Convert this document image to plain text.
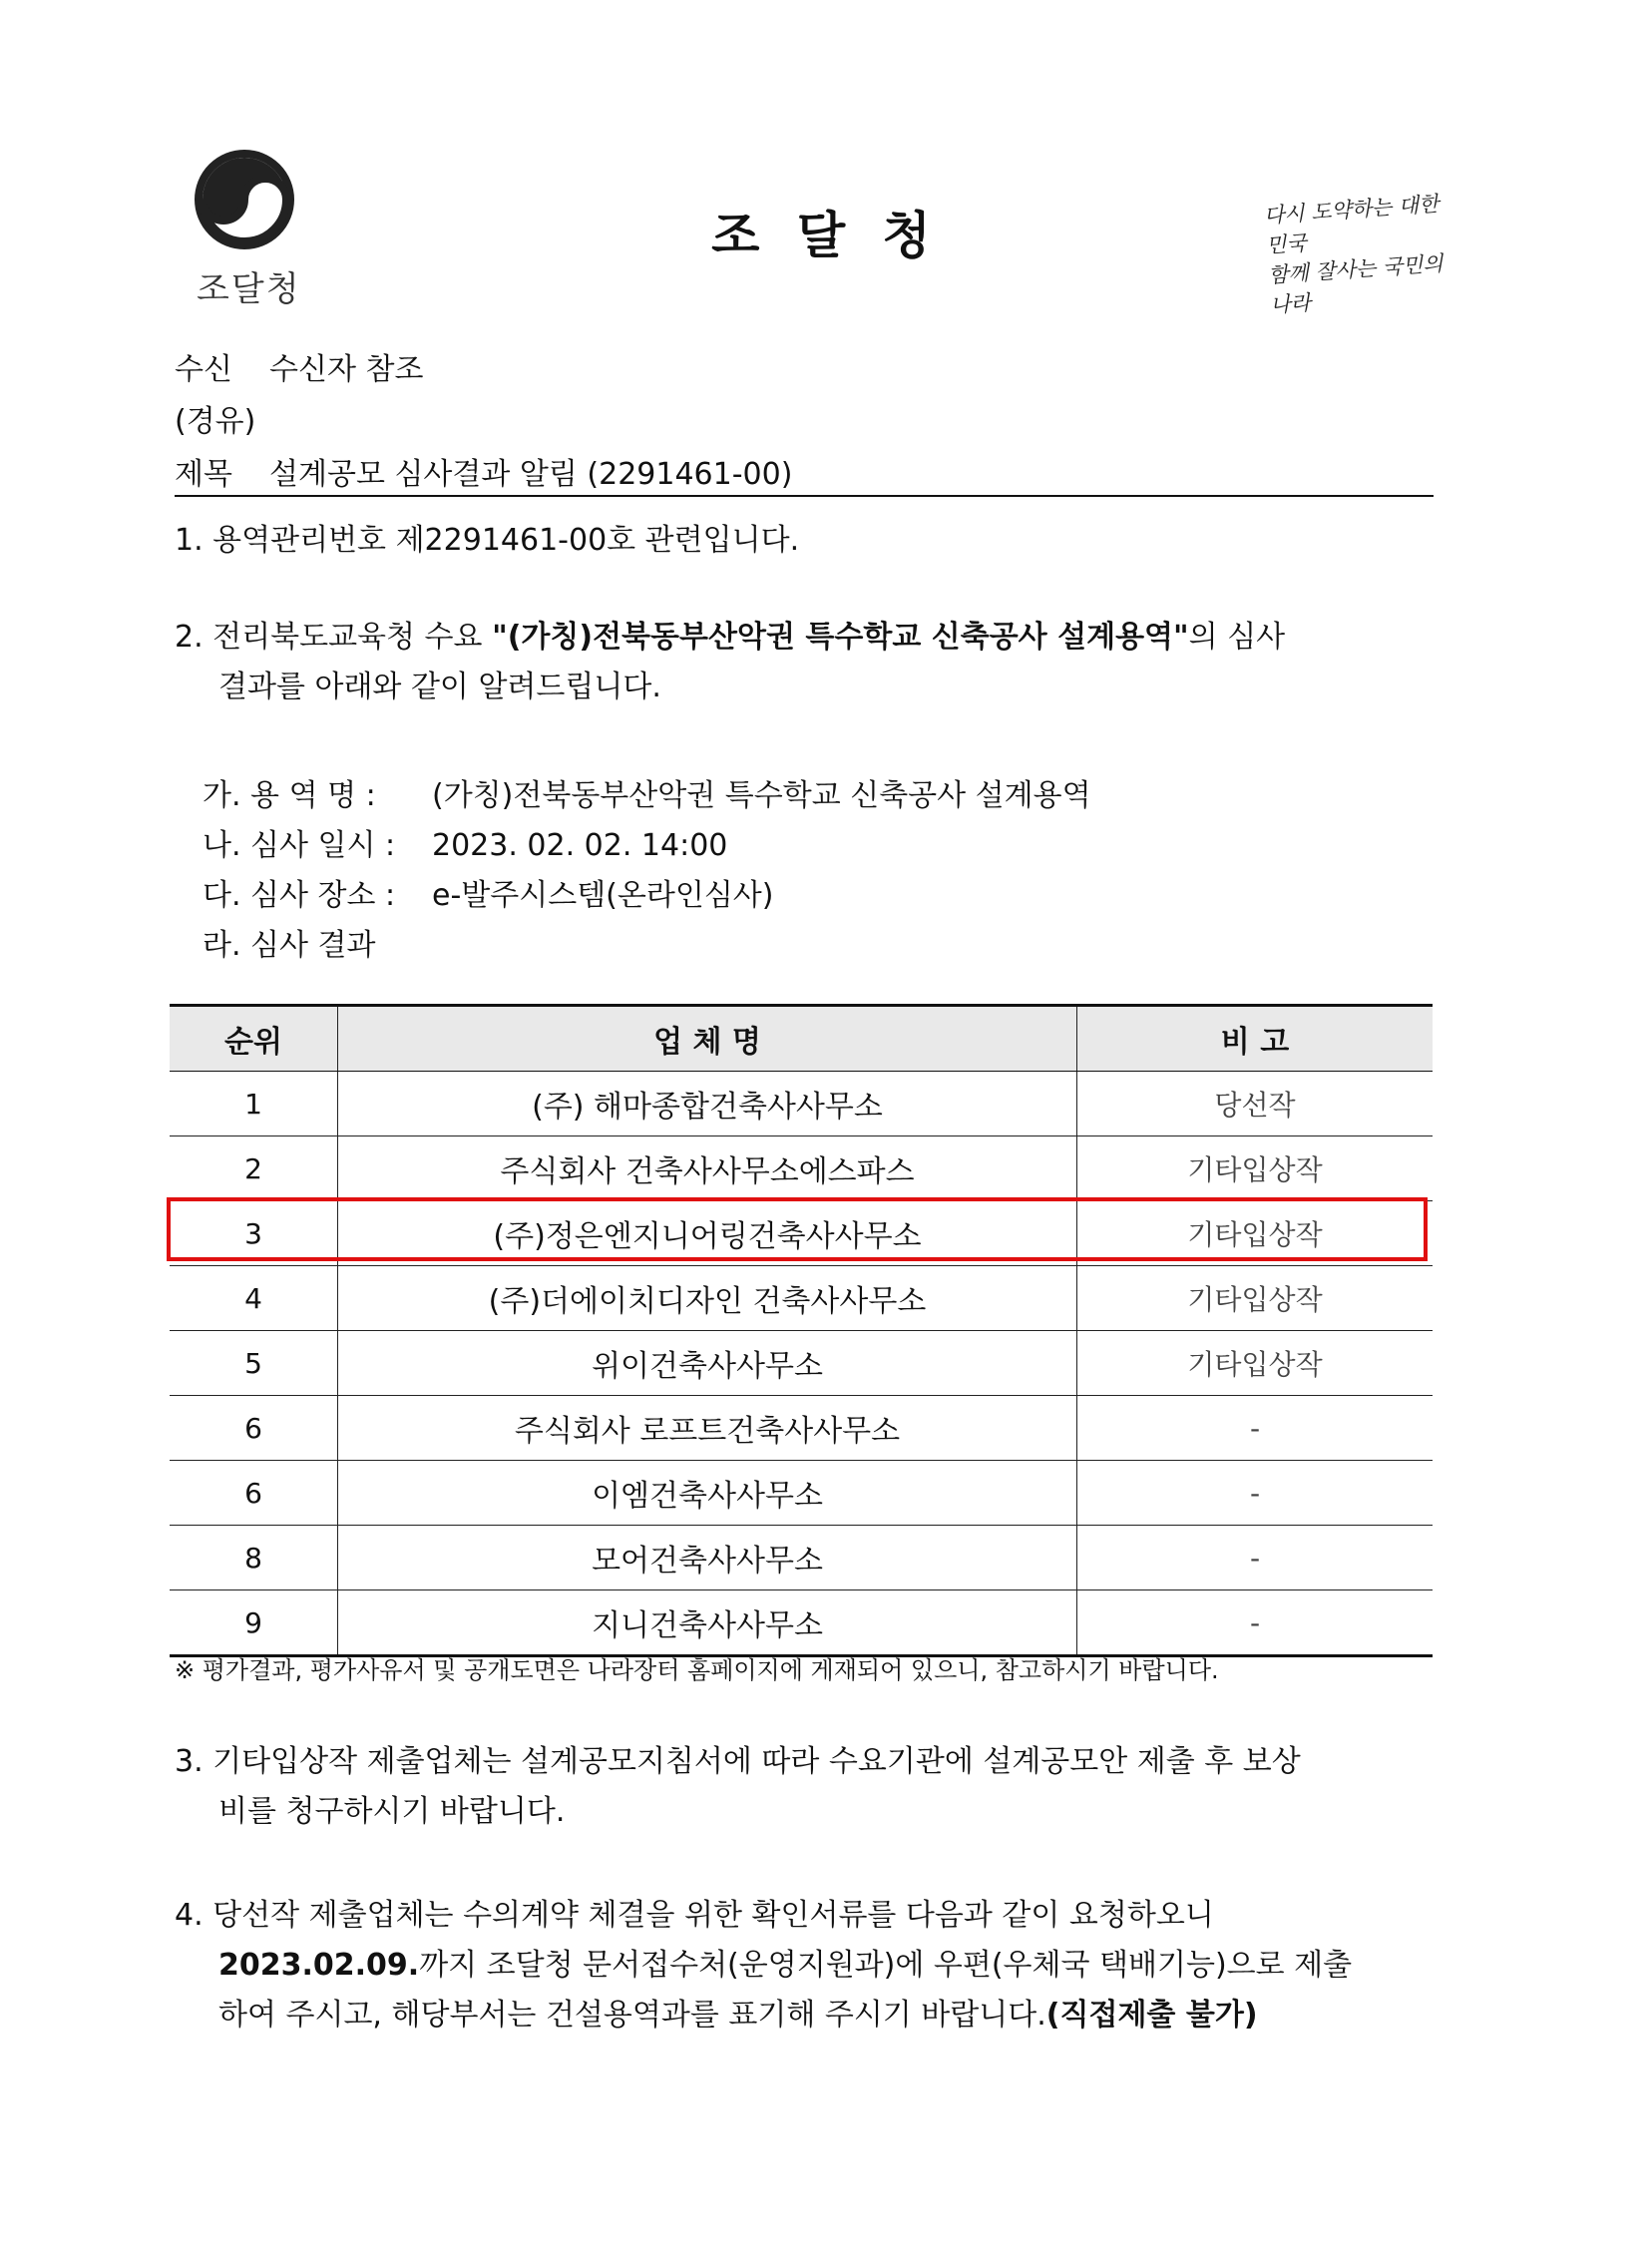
조달청
조 달 청	다시 도약하는 대한민국
함께 잘사는 국민의 나라
수신 수신자 참조
(경유)
제목 설계공모 심사결과 알림 (2291461-00)
1. 용역관리번호 제2291461-00호 관련입니다.
2. 전리북도교육청 수요 "(가칭)전북동부산악권 특수학교 신축공사 설계용역"의 심사
결과를 아래와 같이 알려드립니다.
가. 용 역 명 : (가칭)전북동부산악권 특수학교 신축공사 설계용역
나. 심사 일시 : 2023. 02. 02. 14:00
다. 심사 장소 : e-발주시스템(온라인심사)
라. 심사 결과
순위	업 체 명	비 고
1	(주) 해마종합건축사사무소	당선작
2	주식회사 건축사사무소에스파스	기타입상작
3	(주)정은엔지니어링건축사사무소	기타입상작
4	(주)더에이치디자인 건축사사무소	기타입상작
5	위이건축사사무소	기타입상작
6	주식회사 로프트건축사사무소	-
6	이엠건축사사무소	-
8	모어건축사사무소	-
9	지니건축사사무소	-
※ 평가결과, 평가사유서 및 공개도면은 나라장터 홈페이지에 게재되어 있으니, 참고하시기 바랍니다.
3. 기타입상작 제출업체는 설계공모지침서에 따라 수요기관에 설계공모안 제출 후 보상
비를 청구하시기 바랍니다.
4. 당선작 제출업체는 수의계약 체결을 위한 확인서류를 다음과 같이 요청하오니
2023.02.09.까지 조달청 문서접수처(운영지원과)에 우편(우체국 택배기능)으로 제출
하여 주시고, 해당부서는 건설용역과를 표기해 주시기 바랍니다.(직접제출 불가)
